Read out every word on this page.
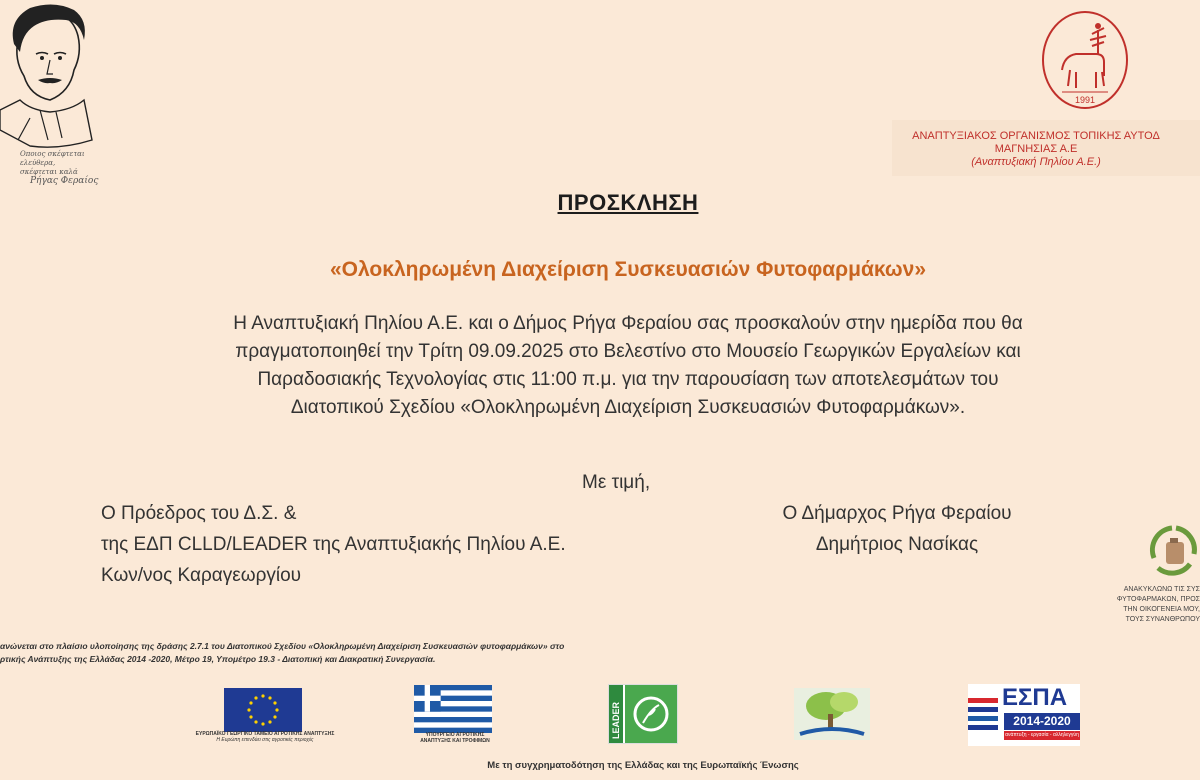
Οποιος σκέφτεται ελεύθερα,
σκέφτεται καλά
Ρήγας Φεραίος
1991
ΑΝΑΠΤΥΞΙΑΚΟΣ ΟΡΓΑΝΙΣΜΟΣ ΤΟΠΙΚΗΣ ΑΥΤΟΔ
ΜΑΓΝΗΣΙΑΣ Α.Ε
(Αναπτυξιακή Πηλίου Α.Ε.)
ΠΡΟΣΚΛΗΣΗ
«Ολοκληρωμένη Διαχείριση Συσκευασιών Φυτοφαρμάκων»
Η Αναπτυξιακή Πηλίου Α.Ε. και ο Δήμος Ρήγα Φεραίου σας προσκαλούν στην ημερίδα που θα
πραγματοποιηθεί την Τρίτη 09.09.2025 στο Βελεστίνο στο Μουσείο Γεωργικών Εργαλείων και
Παραδοσιακής Τεχνολογίας στις 11:00 π.μ. για την παρουσίαση των αποτελεσμάτων του
Διατοπικού Σχεδίου «Ολοκληρωμένη Διαχείριση Συσκευασιών Φυτοφαρμάκων».
Με τιμή,
Ο Πρόεδρος του Δ.Σ. &
της ΕΔΠ CLLD/LEADER της Αναπτυξιακής Πηλίου Α.Ε.
Κων/νος Καραγεωργίου
Ο Δήμαρχος Ρήγα Φεραίου
Δημήτριος Νασίκας
ΑΝΑΚΥΚΛΩΝΩ ΤΙΣ ΣΥΣ
ΦΥΤΟΦΑΡΜΑΚΩΝ, ΠΡΟΣ
ΤΗΝ ΟΙΚΟΓΕΝΕΙΑ ΜΟΥ,
ΤΟΥΣ ΣΥΝΑΝΘΡΩΠΟΥ
ανώνεται στο πλαίσιο υλοποίησης της δράσης 2.7.1 του Διατοπικού Σχεδίου «Ολοκληρωμένη Διαχείριση Συσκευασιών φυτοφαρμάκων» στο
ρτικής Ανάπτυξης της Ελλάδας 2014 -2020, Μέτρο 19, Υπομέτρο 19.3 - Διατοπική και Διακρατική Συνεργασία.
ΕΥΡΩΠΑΪΚΟ ΓΕΩΡΓΙΚΟ ΤΑΜΕΙΟ ΑΓΡΟΤΙΚΗΣ ΑΝΑΠΤΥΞΗΣ
Η Ευρώπη επενδύει στις αγροτικές περιοχές
ΥΠΟΥΡΓΕΙΟ ΑΓΡΟΤΙΚΗΣ
ΑΝΑΠΤΥΞΗΣ ΚΑΙ ΤΡΟΦΙΜΩΝ
LEADER
ΕΣΠΑ
2014-2020
ανάπτυξη - εργασία - αλληλεγγύη
Με τη συγχρηματοδότηση της Ελλάδας και της Ευρωπαϊκής Ένωσης
